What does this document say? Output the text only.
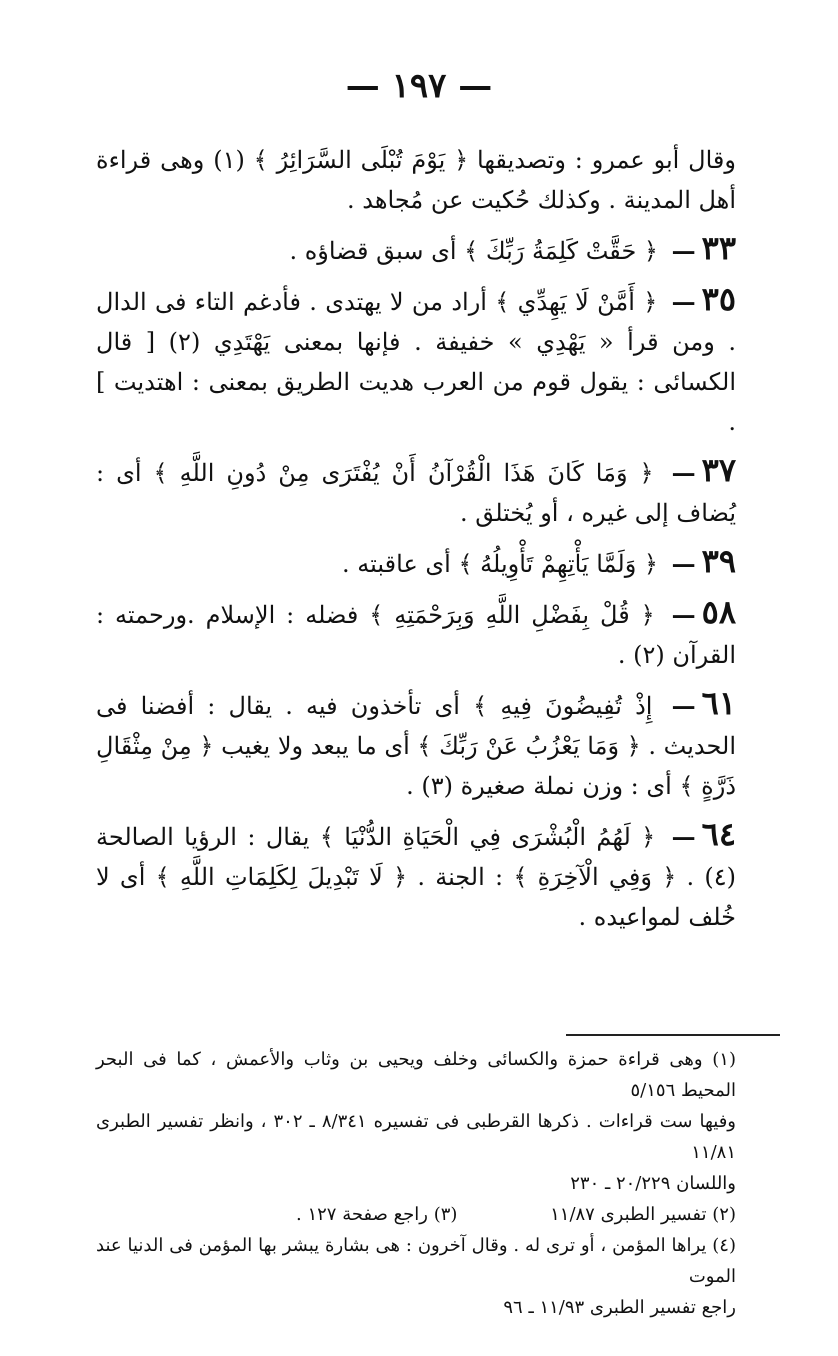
— ١٩٧ —

وقال أبو عمرو : وتصديقها ﴿ يَوْمَ تُبْلَى السَّرَائِرُ ﴾ (١) وهى قراءة أهل المدينة . وكذلك حُكيت عن مُجاهد .

٣٣— ﴿ حَقَّتْ كَلِمَةُ رَبِّكَ ﴾ أى سبق قضاؤه .

٣٥— ﴿ أَمَّنْ لَا يَهِدِّي ﴾ أراد من لا يهتدى . فأدغم التاء فى الدال . ومن قرأ « يَهْدِي » خفيفة . فإنها بمعنى يَهْتَدِي (٢) [ قال الكسائى : يقول قوم من العرب هديت الطريق بمعنى : اهتديت ] .

٣٧— ﴿ وَمَا كَانَ هَذَا الْقُرْآنُ أَنْ يُفْتَرَى مِنْ دُونِ اللَّهِ ﴾ أى : يُضاف إلى غيره ، أو يُختلق .

٣٩— ﴿ وَلَمَّا يَأْتِهِمْ تَأْوِيلُهُ ﴾ أى عاقبته .

٥٨— ﴿ قُلْ بِفَضْلِ اللَّهِ وَبِرَحْمَتِهِ ﴾ فضله : الإسلام .ورحمته : القرآن (٢) .

٦١— إِذْ تُفِيضُونَ فِيهِ ﴾ أى تأخذون فيه . يقال : أفضنا فى الحديث . ﴿ وَمَا يَعْزُبُ عَنْ رَبِّكَ ﴾ أى ما يبعد ولا يغيب ﴿ مِنْ مِثْقَالِ ذَرَّةٍ ﴾ أى : وزن نملة صغيرة (٣) .

٦٤— ﴿ لَهُمُ الْبُشْرَى فِي الْحَيَاةِ الدُّنْيَا ﴾ يقال : الرؤيا الصالحة (٤) . ﴿ وَفِي الْآخِرَةِ ﴾ : الجنة . ﴿ لَا تَبْدِيلَ لِكَلِمَاتِ اللَّهِ ﴾ أى لا خُلف لمواعيده .

(١) وهى قراءة حمزة والكسائى وخلف ويحيى بن وثاب والأعمش ، كما فى البحر المحيط ٥/١٥٦
وفيها ست قراءات . ذكرها القرطبى فى تفسيره ٨/٣٤١ ـ ٣٠٢ ، وانظر تفسير الطبرى ١١/٨١
واللسان ٢٠/٢٢٩ ـ ٢٣٠
(٢) تفسير الطبرى ١١/٨٧
(٣) راجع صفحة ١٢٧ .
(٤) يراها المؤمن ، أو ترى له . وقال آخرون : هى بشارة يبشر بها المؤمن فى الدنيا عند الموت
راجع تفسير الطبرى ١١/٩٣ ـ ٩٦
